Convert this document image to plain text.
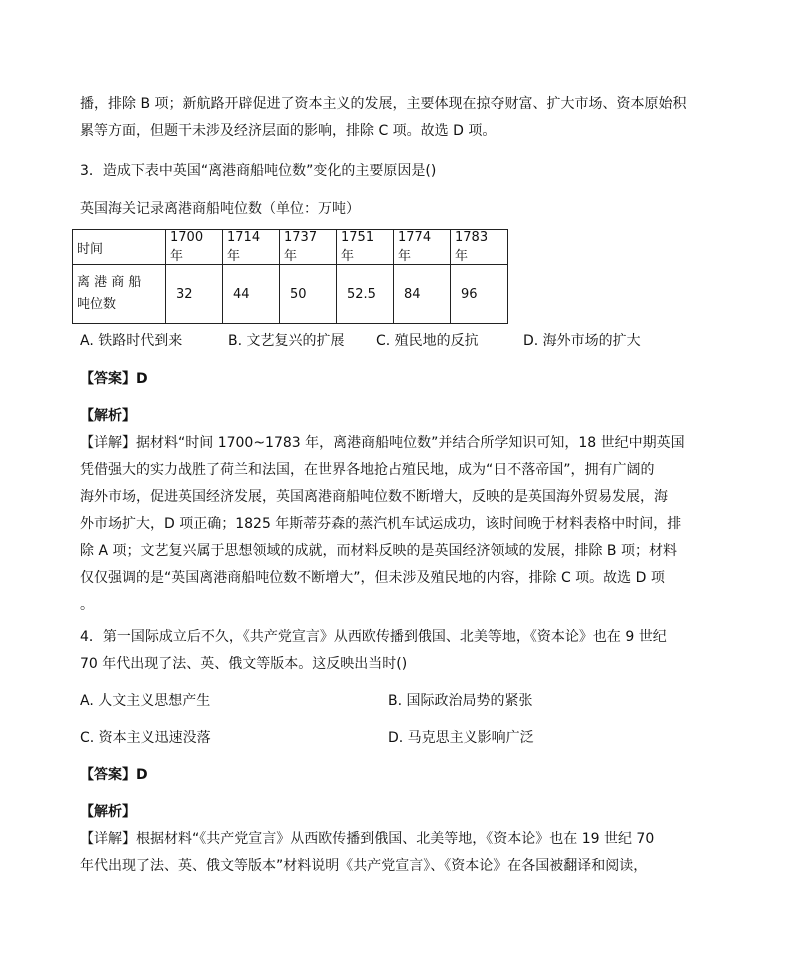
播，排除 B 项；新航路开辟促进了资本主义的发展，主要体现在掠夺财富、扩大市场、资本原始积
累等方面，但题干未涉及经济层面的影响，排除 C 项。故选 D 项。
3．造成下表中英国“离港商船吨位数”变化的主要原因是()
英国海关记录离港商船吨位数（单位：万吨）
时间	1700 年	1714 年	1737 年	1751 年	1774 年	1783 年

离 港 商 船
吨位数	32	44	50	52.5	84	96
A. 铁路时代到来	B. 文艺复兴的扩展 C. 殖民地的反抗	D. 海外市场的扩大
【答案】D
【解析】
【详解】据材料“时间 1700~1783 年，离港商船吨位数”并结合所学知识可知，18 世纪中期英国
凭借强大的实力战胜了荷兰和法国，在世界各地抢占殖民地，成为“日不落帝国”，拥有广阔的
海外市场，促进英国经济发展，英国离港商船吨位数不断增大，反映的是英国海外贸易发展，海
外市场扩大，D 项正确；1825 年斯蒂芬森的蒸汽机车试运成功，该时间晚于材料表格中时间，排
除 A 项；文艺复兴属于思想领域的成就，而材料反映的是英国经济领域的发展，排除 B 项；材料
仅仅强调的是“英国离港商船吨位数不断增大”，但未涉及殖民地的内容，排除 C 项。故选 D 项
。
4．第一国际成立后不久，《共产党宣言》从西欧传播到俄国、北美等地，《资本论》也在 9 世纪
70 年代出现了法、英、俄文等版本。这反映出当时()
A. 人文主义思想产生	B. 国际政治局势的紧张
C. 资本主义迅速没落	D. 马克思主义影响广泛
【答案】D
【解析】
【详解】根据材料“《共产党宣言》从西欧传播到俄国、北美等地，《资本论》也在 19 世纪 70
年代出现了法、英、俄文等版本”材料说明《共产党宣言》、《资本论》在各国被翻译和阅读，
